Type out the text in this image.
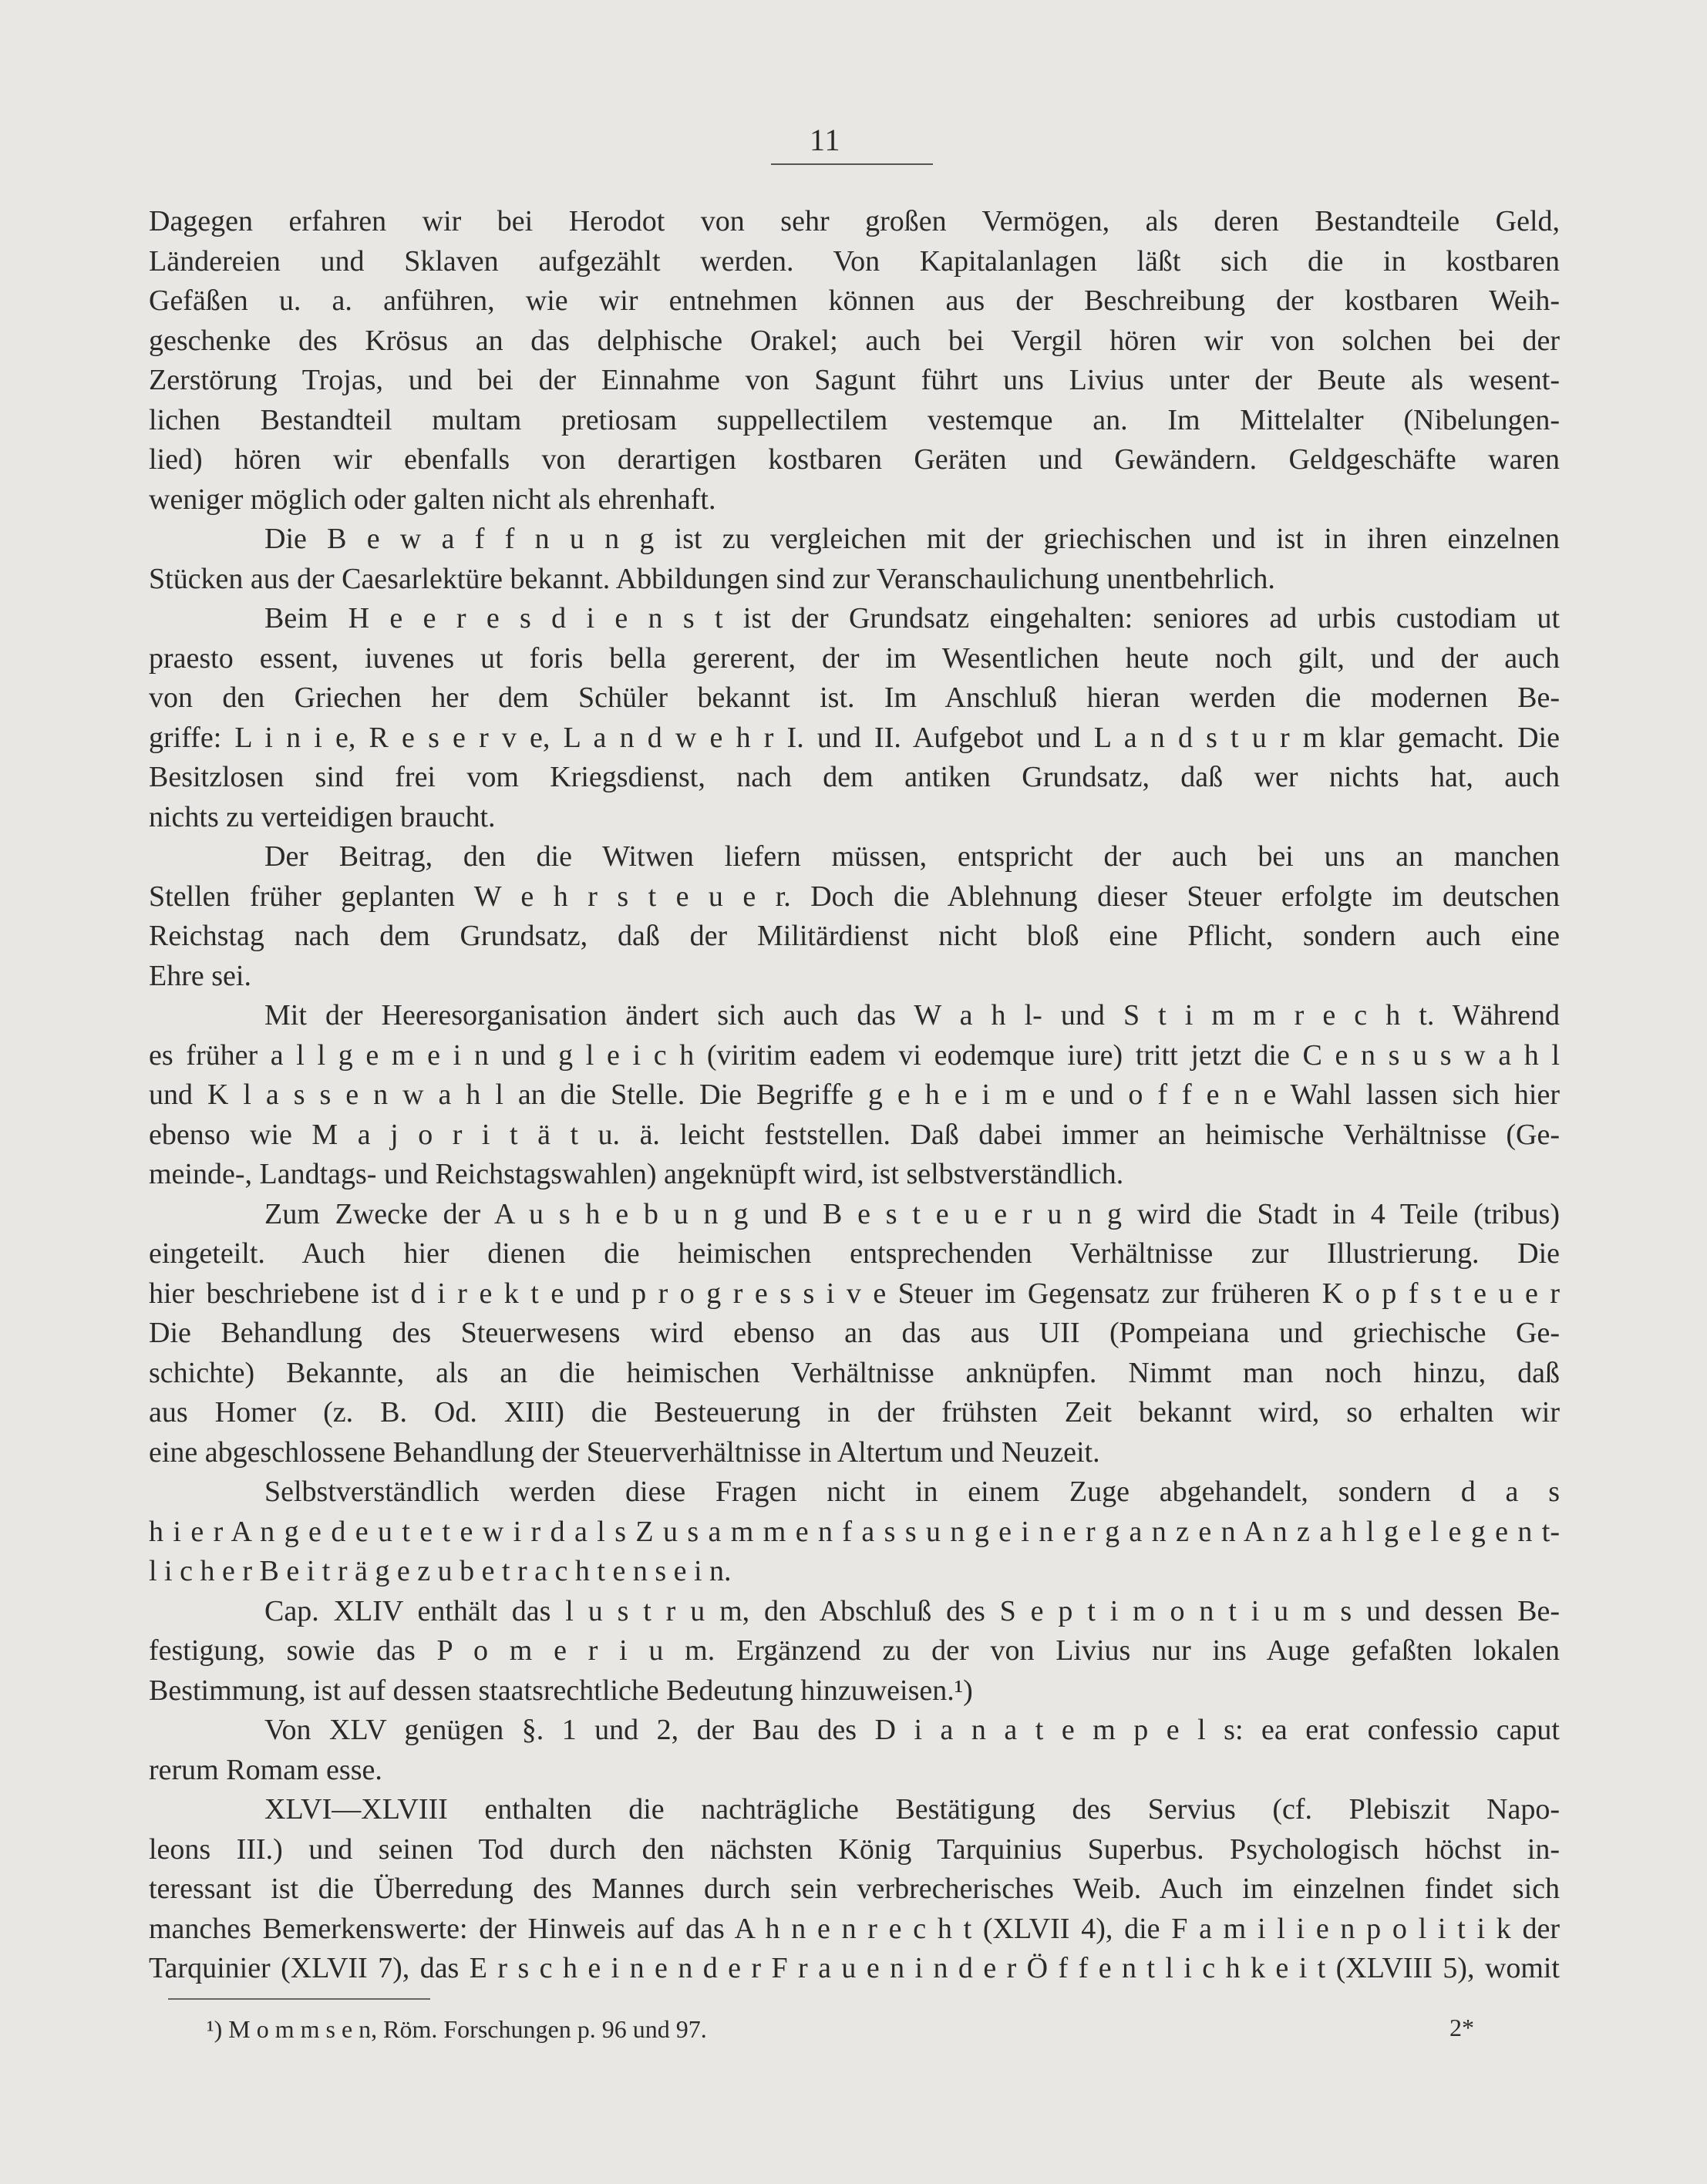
11
Dagegen erfahren wir bei Herodot von sehr großen Vermögen, als deren Bestandteile Geld,
Ländereien und Sklaven aufgezählt werden. Von Kapitalanlagen läßt sich die in kostbaren
Gefäßen u. a. anführen, wie wir entnehmen können aus der Beschreibung der kostbaren Weih-
geschenke des Krösus an das delphische Orakel; auch bei Vergil hören wir von solchen bei der
Zerstörung Trojas, und bei der Einnahme von Sagunt führt uns Livius unter der Beute als wesent-
lichen Bestandteil multam pretiosam suppellectilem vestemque an. Im Mittelalter (Nibelungen-
lied) hören wir ebenfalls von derartigen kostbaren Geräten und Gewändern. Geldgeschäfte waren
weniger möglich oder galten nicht als ehrenhaft.
Die B e w a f f n u n g ist zu vergleichen mit der griechischen und ist in ihren einzelnen
Stücken aus der Caesarlektüre bekannt. Abbildungen sind zur Veranschaulichung unentbehrlich.
Beim H e e r e s d i e n s t ist der Grundsatz eingehalten: seniores ad urbis custodiam ut
praesto essent, iuvenes ut foris bella gererent, der im Wesentlichen heute noch gilt, und der auch
von den Griechen her dem Schüler bekannt ist. Im Anschluß hieran werden die modernen Be-
griffe: L i n i e, R e s e r v e, L a n d w e h r I. und II. Aufgebot und L a n d s t u r m klar gemacht. Die
Besitzlosen sind frei vom Kriegsdienst, nach dem antiken Grundsatz, daß wer nichts hat, auch
nichts zu verteidigen braucht.
Der Beitrag, den die Witwen liefern müssen, entspricht der auch bei uns an manchen
Stellen früher geplanten W e h r s t e u e r. Doch die Ablehnung dieser Steuer erfolgte im deutschen
Reichstag nach dem Grundsatz, daß der Militärdienst nicht bloß eine Pflicht, sondern auch eine
Ehre sei.
Mit der Heeresorganisation ändert sich auch das W a h l- und S t i m m r e c h t. Während
es früher a l l g e m e i n und g l e i c h (viritim eadem vi eodemque iure) tritt jetzt die C e n s u s w a h l
und K l a s s e n w a h l an die Stelle. Die Begriffe g e h e i m e und o f f e n e Wahl lassen sich hier
ebenso wie M a j o r i t ä t u. ä. leicht feststellen. Daß dabei immer an heimische Verhältnisse (Ge-
meinde-, Landtags- und Reichstagswahlen) angeknüpft wird, ist selbstverständlich.
Zum Zwecke der A u s h e b u n g und B e s t e u e r u n g wird die Stadt in 4 Teile (tribus)
eingeteilt. Auch hier dienen die heimischen entsprechenden Verhältnisse zur Illustrierung. Die
hier beschriebene ist d i r e k t e und p r o g r e s s i v e Steuer im Gegensatz zur früheren K o p f s t e u e r
Die Behandlung des Steuerwesens wird ebenso an das aus UII (Pompeiana und griechische Ge-
schichte) Bekannte, als an die heimischen Verhältnisse anknüpfen. Nimmt man noch hinzu, daß
aus Homer (z. B. Od. XIII) die Besteuerung in der frühsten Zeit bekannt wird, so erhalten wir
eine abgeschlossene Behandlung der Steuerverhältnisse in Altertum und Neuzeit.
Selbstverständlich werden diese Fragen nicht in einem Zuge abgehandelt, sondern d a s
h i e r A n g e d e u t e t e w i r d a l s Z u s a m m e n f a s s u n g e i n e r g a n z e n A n z a h l g e l e g e n t-
l i c h e r B e i t r ä g e z u b e t r a c h t e n s e i n.
Cap. XLIV enthält das l u s t r u m, den Abschluß des S e p t i m o n t i u m s und dessen Be-
festigung, sowie das P o m e r i u m. Ergänzend zu der von Livius nur ins Auge gefaßten lokalen
Bestimmung, ist auf dessen staatsrechtliche Bedeutung hinzuweisen.¹)
Von XLV genügen §. 1 und 2, der Bau des D i a n a t e m p e l s: ea erat confessio caput
rerum Romam esse.
XLVI—XLVIII enthalten die nachträgliche Bestätigung des Servius (cf. Plebiszit Napo-
leons III.) und seinen Tod durch den nächsten König Tarquinius Superbus. Psychologisch höchst in-
teressant ist die Überredung des Mannes durch sein verbrecherisches Weib. Auch im einzelnen findet sich
manches Bemerkenswerte: der Hinweis auf das A h n e n r e c h t (XLVII 4), die F a m i l i e n p o l i t i k der
Tarquinier (XLVII 7), das E r s c h e i n e n d e r F r a u e n i n d e r Ö f f e n t l i c h k e i t (XLVIII 5), womit
¹) M o m m s e n, Röm. Forschungen p. 96 und 97.	2*
